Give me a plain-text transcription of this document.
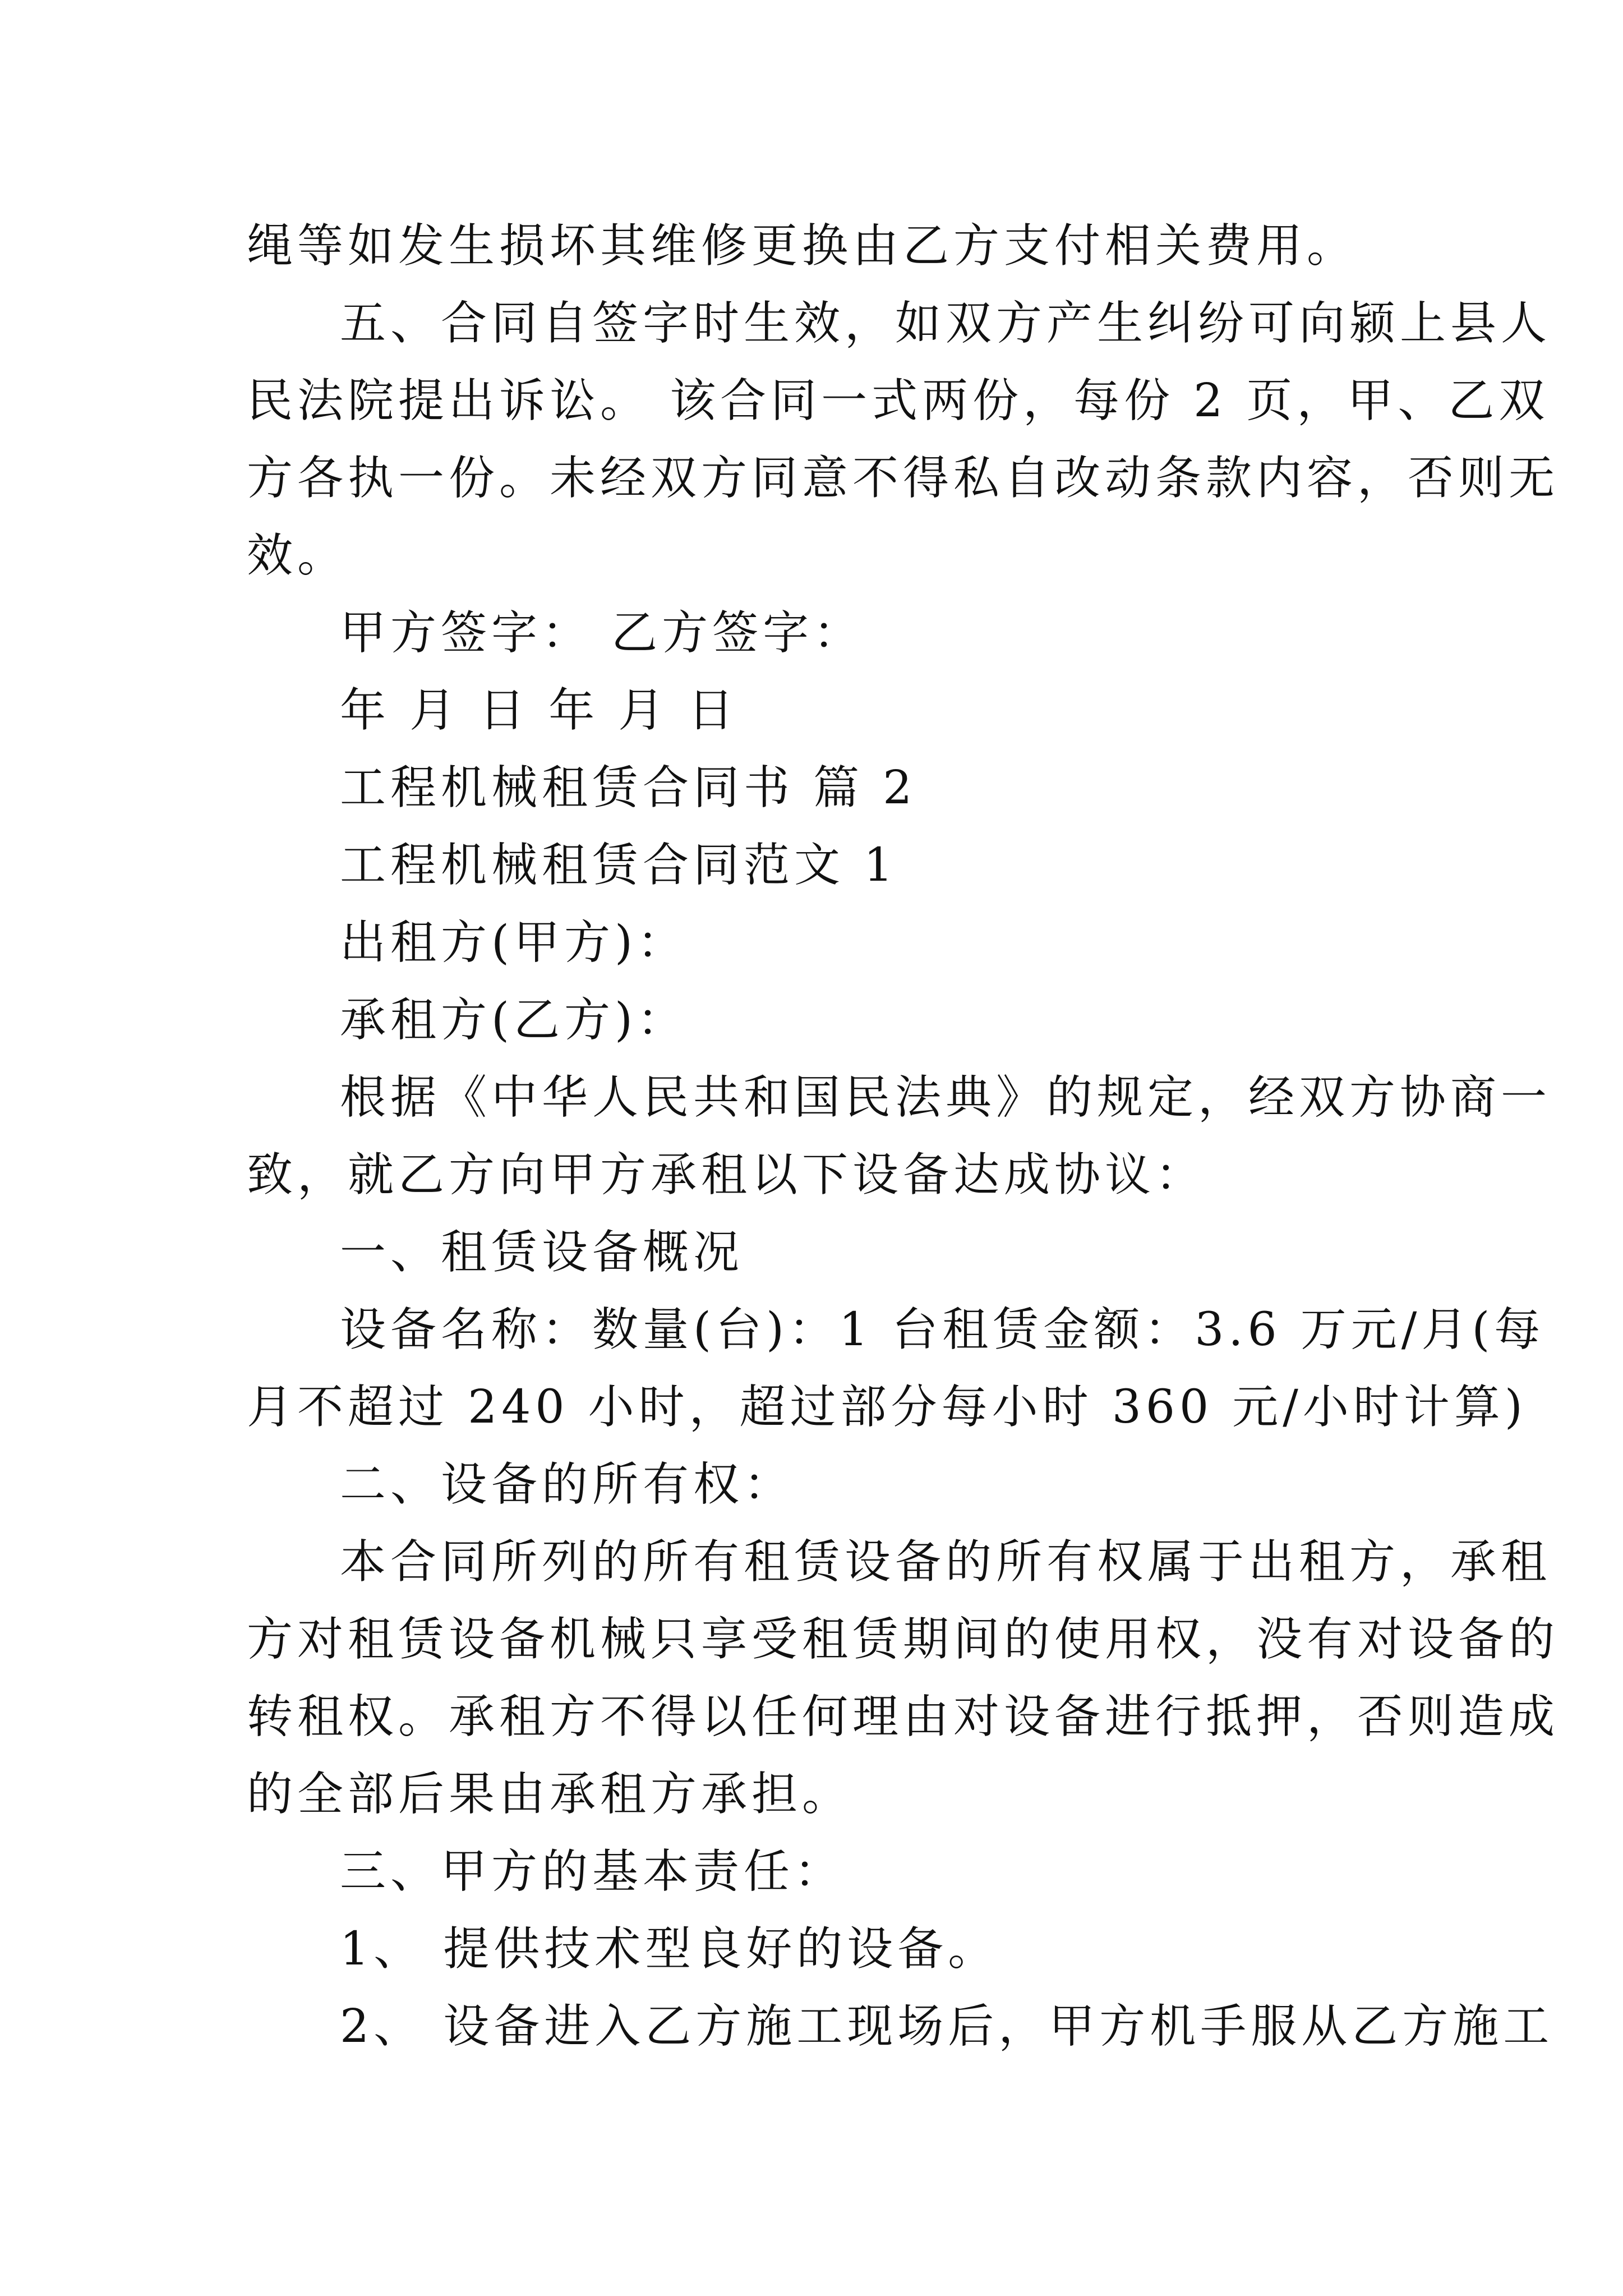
绳等如发生损坏其维修更换由乙方支付相关费用。
五、合同自签字时生效，如双方产生纠纷可向颍上县人
民法院提出诉讼。 该合同一式两份，每份 2 页，甲、乙双
方各执一份。未经双方同意不得私自改动条款内容，否则无
效。
甲方签字： 乙方签字：
年 月 日 年 月 日
工程机械租赁合同书 篇 2
工程机械租赁合同范文 1
出租方(甲方)：
承租方(乙方)：
根据《中华人民共和国民法典》的规定，经双方协商一
致，就乙方向甲方承租以下设备达成协议：
一、租赁设备概况
设备名称：数量(台)：1 台租赁金额：3.6 万元/月(每
月不超过 240 小时，超过部分每小时 360 元/小时计算)
二、设备的所有权：
本合同所列的所有租赁设备的所有权属于出租方，承租
方对租赁设备机械只享受租赁期间的使用权，没有对设备的
转租权。承租方不得以任何理由对设备进行抵押，否则造成
的全部后果由承租方承担。
三、甲方的基本责任：
1、 提供技术型良好的设备。
2、 设备进入乙方施工现场后，甲方机手服从乙方施工
